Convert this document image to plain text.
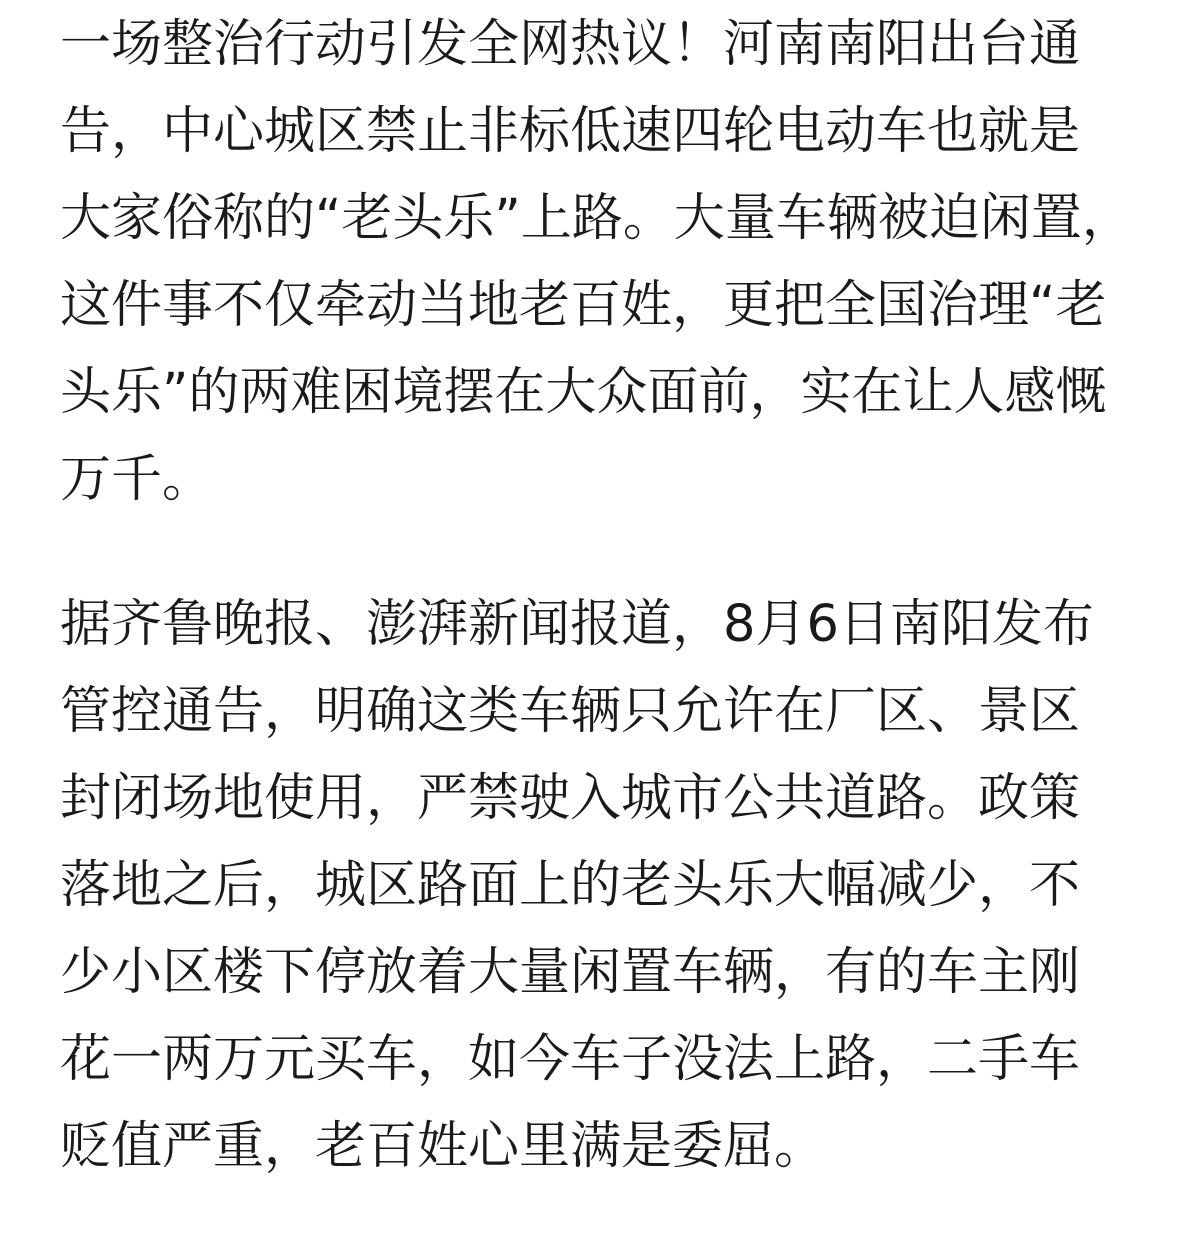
一场整治行动引发全网热议！河南南阳出台通
告，中心城区禁止非标低速四轮电动车也就是
大家俗称的“老头乐”上路。大量车辆被迫闲置，
这件事不仅牵动当地老百姓，更把全国治理“老
头乐”的两难困境摆在大众面前，实在让人感慨
万千。
据齐鲁晚报、澎湃新闻报道，8月6日南阳发布
管控通告，明确这类车辆只允许在厂区、景区
封闭场地使用，严禁驶入城市公共道路。政策
落地之后，城区路面上的老头乐大幅减少，不
少小区楼下停放着大量闲置车辆，有的车主刚
花一两万元买车，如今车子没法上路，二手车
贬值严重，老百姓心里满是委屈。
